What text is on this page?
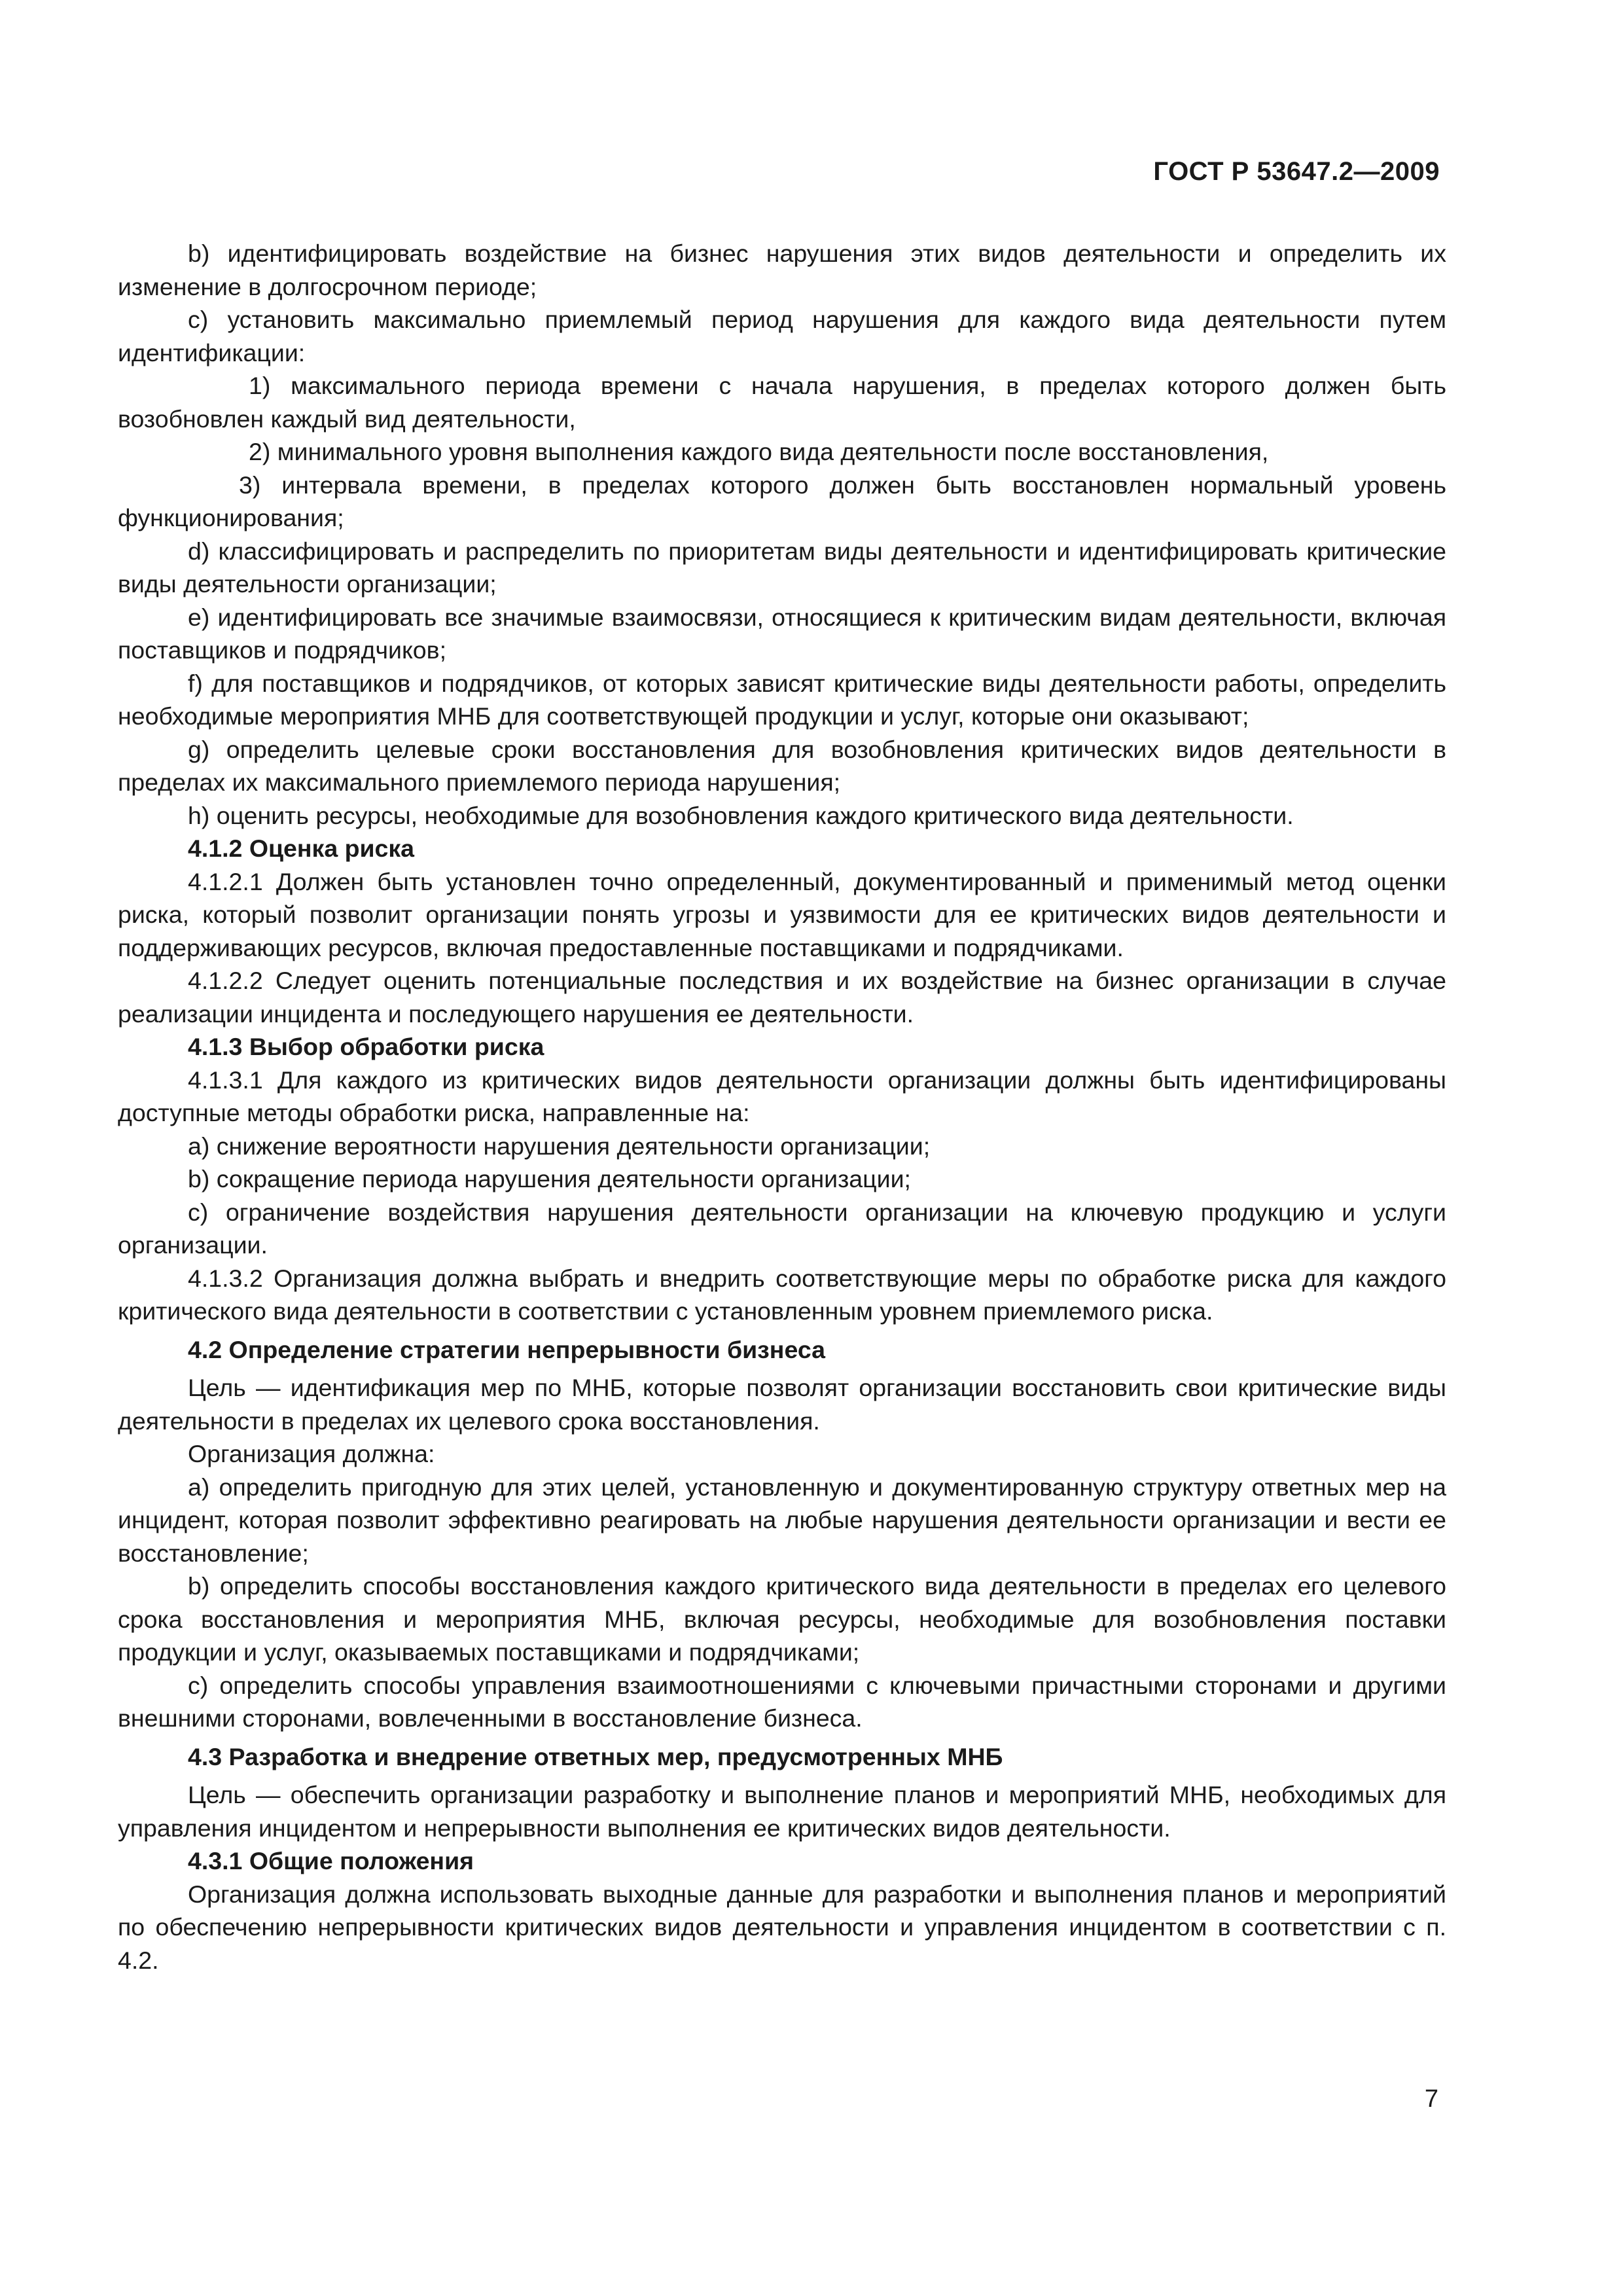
ГОСТ Р 53647.2—2009

b) идентифицировать воздействие на бизнес нарушения этих видов деятельности и определить их изменение в долгосрочном периоде;

c) установить максимально приемлемый период нарушения для каждого вида деятельности путем идентификации:

1) максимального периода времени с начала нарушения, в пределах которого должен быть возобновлен каждый вид деятельности,

2) минимального уровня выполнения каждого вида деятельности после восстановления,

3) интервала времени, в пределах которого должен быть восстановлен нормальный уровень функционирования;

d) классифицировать и распределить по приоритетам виды деятельности и идентифицировать критические виды деятельности организации;

e) идентифицировать все значимые взаимосвязи, относящиеся к критическим видам деятельности, включая поставщиков и подрядчиков;

f) для поставщиков и подрядчиков, от которых зависят критические виды деятельности работы, определить необходимые мероприятия МНБ для соответствующей продукции и услуг, которые они оказывают;

g) определить целевые сроки восстановления для возобновления критических видов деятельности в пределах их максимального приемлемого периода нарушения;

h) оценить ресурсы, необходимые для возобновления каждого критического вида деятельности.

4.1.2 Оценка риска

4.1.2.1 Должен быть установлен точно определенный, документированный и применимый метод оценки риска, который позволит организации понять угрозы и уязвимости для ее критических видов деятельности и поддерживающих ресурсов, включая предоставленные поставщиками и подрядчиками.

4.1.2.2 Следует оценить потенциальные последствия и их воздействие на бизнес организации в случае реализации инцидента и последующего нарушения ее деятельности.

4.1.3 Выбор обработки риска

4.1.3.1 Для каждого из критических видов деятельности организации должны быть идентифицированы доступные методы обработки риска, направленные на:

a) снижение вероятности нарушения деятельности организации;

b) сокращение периода нарушения деятельности организации;

c) ограничение воздействия нарушения деятельности организации на ключевую продукцию и услуги организации.

4.1.3.2 Организация должна выбрать и внедрить соответствующие меры по обработке риска для каждого критического вида деятельности в соответствии с установленным уровнем приемлемого риска.

4.2 Определение стратегии непрерывности бизнеса

Цель — идентификация мер по МНБ, которые позволят организации восстановить свои критические виды деятельности в пределах их целевого срока восстановления.

Организация должна:

a) определить пригодную для этих целей, установленную и документированную структуру ответных мер на инцидент, которая позволит эффективно реагировать на любые нарушения деятельности организации и вести ее восстановление;

b) определить способы восстановления каждого критического вида деятельности в пределах его целевого срока восстановления и мероприятия МНБ, включая ресурсы, необходимые для возобновления поставки продукции и услуг, оказываемых поставщиками и подрядчиками;

c) определить способы управления взаимоотношениями с ключевыми причастными сторонами и другими внешними сторонами, вовлеченными в восстановление бизнеса.

4.3 Разработка и внедрение ответных мер, предусмотренных МНБ

Цель — обеспечить организации разработку и выполнение планов и мероприятий МНБ, необходимых для управления инцидентом и непрерывности выполнения ее критических видов деятельности.

4.3.1 Общие положения

Организация должна использовать выходные данные для разработки и выполнения планов и мероприятий по обеспечению непрерывности критических видов деятельности и управления инцидентом в соответствии с п. 4.2.

7
